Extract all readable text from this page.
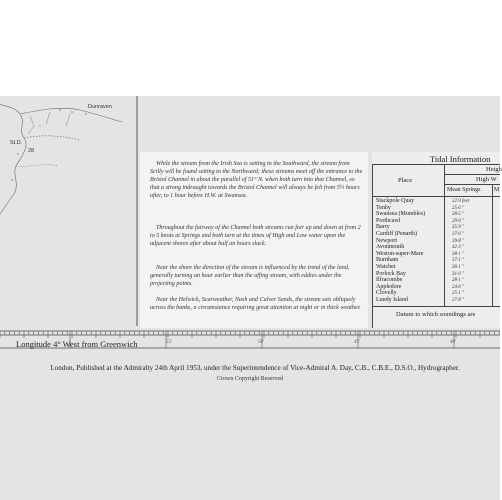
Dunraven
St.D.
28

While the stream from the Irish Sea is setting to the Southward, the stream from Scilly will be found setting to the Northward; these streams meet off the entrance to the Bristol Channel in about the parallel of 51° N. when both turn into that Channel, so that a strong indraught towards the Bristol Channel will always be felt from 5½ hours after, to 1 hour before H.W. at Swansea.

Throughout the fairway of the Channel both streams run fair up and down at from 2 to 5 knots at Springs and both turn at the times of High and Low water upon the adjacent shores after about half an hours slack.

Near the shore the direction of the stream is influenced by the trend of the land, generally turning an hour earlier than the offing stream, with eddies under the projecting points.

Near the Helwick, Scarweather, Nash and Culver Sands, the stream sets obliquely across the banks, a circumstance requiring great attention at night or in thick weather.

Tidal Information
Place
Heigh
High W
Mean Springs M
Stackpole Quay	22·9 feet
Tenby	25·6 "
Swansea (Mumbles)	28·5 "
Porthcawl	29·9 "
Barry	35·9 "
Cardiff (Penarth)	37·6 "
Newport	39·8 "
Avonmouth	42·3 "
Weston-super-Mare	38·1 "
Burnham	37·1 "
Watchet	36·1 "
Porlock Bay	31·6 "
Ilfracombe	28·1 "
Appledore	24·6 "
Clovelly	25·1 "
Lundy Island	27·8 "
Datum to which soundings are
Longitude 4° West from Greenwich	55'	50'	45'	40'
London, Published at the Admiralty 24th April 1953, under the Superintendence of Vice-Admiral A. Day, C.B., C.B.E., D.S.O., Hydrographer.
Crown Copyright Reserved
